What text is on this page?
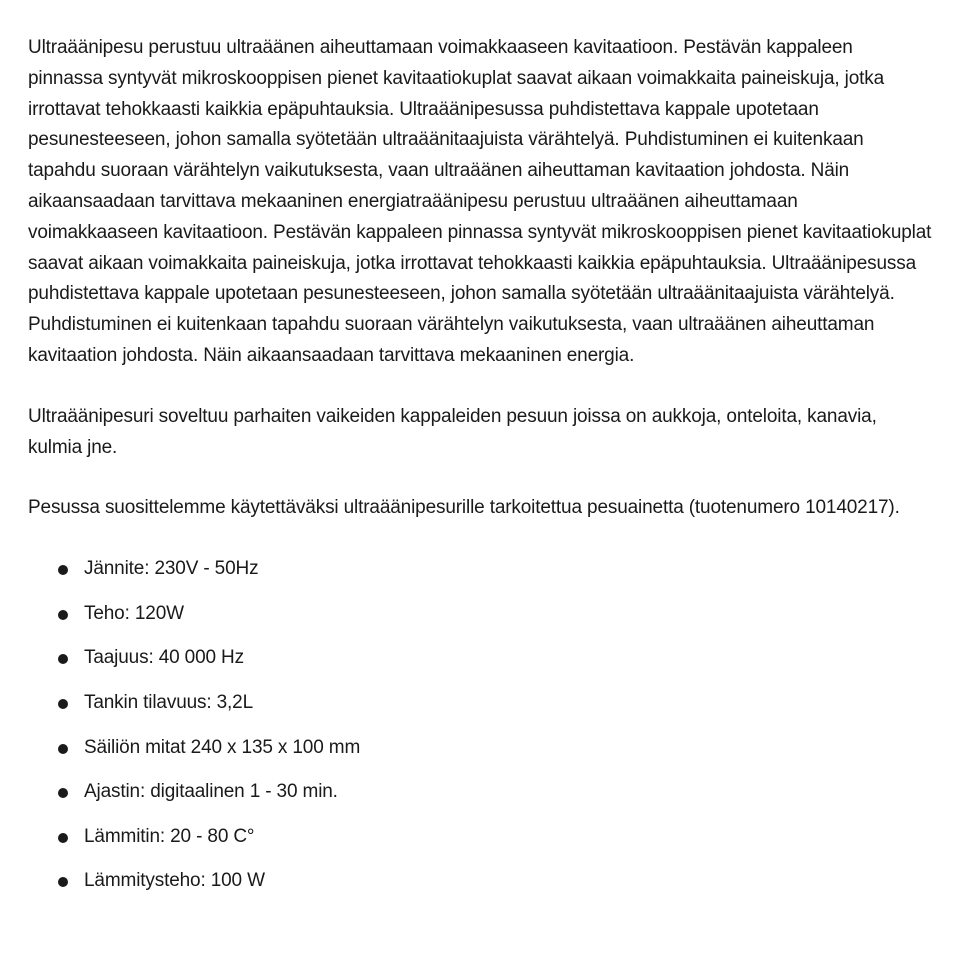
Ultraäänipesu perustuu ultraäänen aiheuttamaan voimakkaaseen kavitaatioon. Pestävän kappaleen pinnassa syntyvät mikroskooppisen pienet kavitaatiokuplat saavat aikaan voimakkaita paineiskuja, jotka irrottavat tehokkaasti kaikkia epäpuhtauksia. Ultraäänipesussa puhdistettava kappale upotetaan pesunesteeseen, johon samalla syötetään ultraäänitaajuista värähtelyä. Puhdistuminen ei kuitenkaan tapahdu suoraan värähtelyn vaikutuksesta, vaan ultraäänen aiheuttaman kavitaation johdosta. Näin aikaansaadaan tarvittava mekaaninen energiatraäänipesu perustuu ultraäänen aiheuttamaan voimakkaaseen kavitaatioon. Pestävän kappaleen pinnassa syntyvät mikroskooppisen pienet kavitaatiokuplat saavat aikaan voimakkaita paineiskuja, jotka irrottavat tehokkaasti kaikkia epäpuhtauksia. Ultraäänipesussa puhdistettava kappale upotetaan pesunesteeseen, johon samalla syötetään ultraäänitaajuista värähtelyä. Puhdistuminen ei kuitenkaan tapahdu suoraan värähtelyn vaikutuksesta, vaan ultraäänen aiheuttaman kavitaation johdosta. Näin aikaansaadaan tarvittava mekaaninen energia.

Ultraäänipesuri soveltuu parhaiten vaikeiden kappaleiden pesuun joissa on aukkoja, onteloita, kanavia, kulmia jne.

Pesussa suosittelemme käytettäväksi ultraäänipesurille tarkoitettua pesuainetta (tuotenumero 10140217).

Jännite: 230V - 50Hz
Teho: 120W
Taajuus: 40 000 Hz
Tankin tilavuus: 3,2L
Säiliön mitat 240 x 135 x 100 mm
Ajastin: digitaalinen 1 - 30 min.
Lämmitin: 20 - 80 C°
Lämmitysteho: 100 W
